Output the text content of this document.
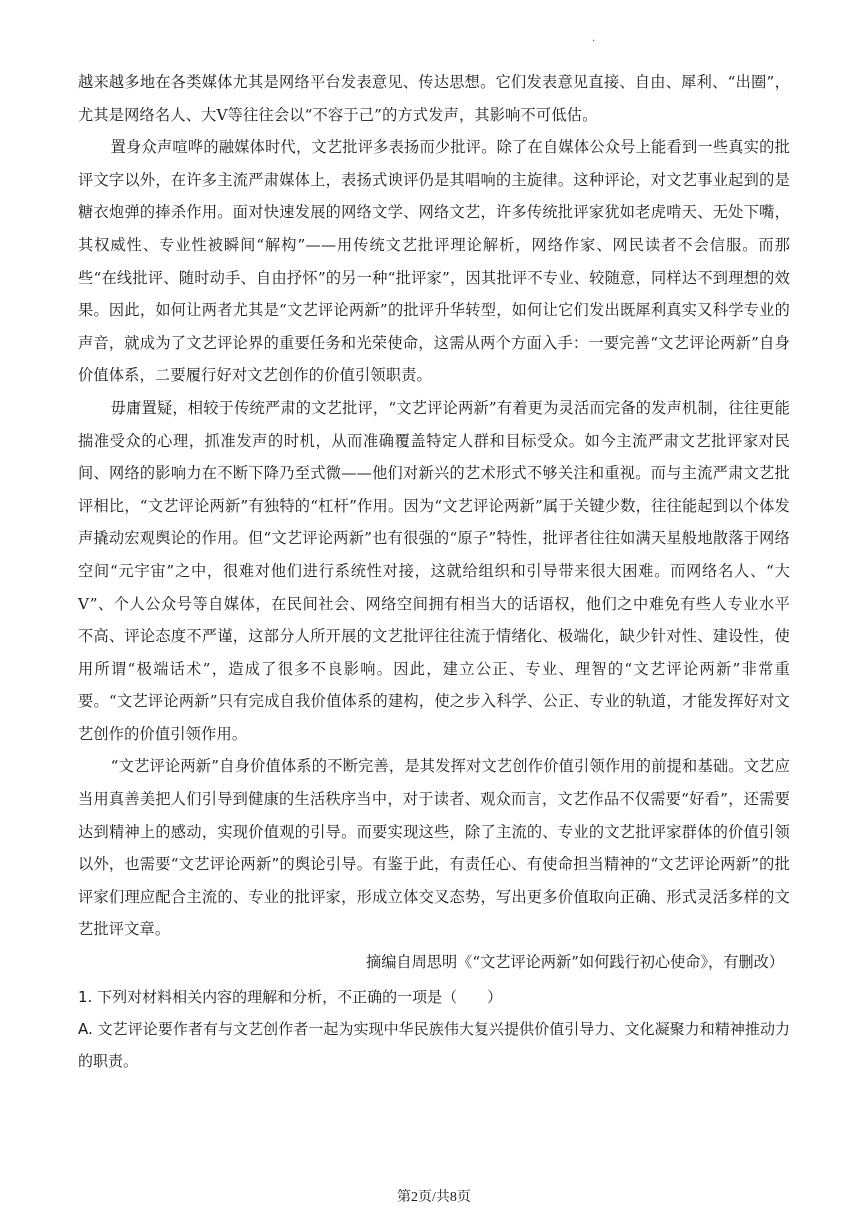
·

越来越多地在各类媒体尤其是网络平台发表意见、传达思想。它们发表意见直接、自由、犀利、“出圈”，尤其是网络名人、大V等往往会以“不容于己”的方式发声，其影响不可低估。

置身众声喧哗的融媒体时代，文艺批评多表扬而少批评。除了在自媒体公众号上能看到一些真实的批评文字以外，在许多主流严肃媒体上，表扬式谀评仍是其唱响的主旋律。这种评论，对文艺事业起到的是糖衣炮弹的捧杀作用。面对快速发展的网络文学、网络文艺，许多传统批评家犹如老虎啃天、无处下嘴，其权威性、专业性被瞬间“解构”——用传统文艺批评理论解析，网络作家、网民读者不会信服。而那些“在线批评、随时动手、自由抒怀”的另一种“批评家”，因其批评不专业、较随意，同样达不到理想的效果。因此，如何让两者尤其是“文艺评论两新”的批评升华转型，如何让它们发出既犀利真实又科学专业的声音，就成为了文艺评论界的重要任务和光荣使命，这需从两个方面入手：一要完善“文艺评论两新”自身价值体系，二要履行好对文艺创作的价值引领职责。

毋庸置疑，相较于传统严肃的文艺批评，“文艺评论两新”有着更为灵活而完备的发声机制，往往更能揣准受众的心理，抓准发声的时机，从而准确覆盖特定人群和目标受众。如今主流严肃文艺批评家对民间、网络的影响力在不断下降乃至式微——他们对新兴的艺术形式不够关注和重视。而与主流严肃文艺批评相比，“文艺评论两新”有独特的“杠杆”作用。因为“文艺评论两新”属于关键少数，往往能起到以个体发声撬动宏观舆论的作用。但“文艺评论两新”也有很强的“原子”特性，批评者往往如满天星般地散落于网络空间“元宇宙”之中，很难对他们进行系统性对接，这就给组织和引导带来很大困难。而网络名人、“大V”、个人公众号等自媒体，在民间社会、网络空间拥有相当大的话语权，他们之中难免有些人专业水平不高、评论态度不严谨，这部分人所开展的文艺批评往往流于情绪化、极端化，缺少针对性、建设性，使用所谓“极端话术”，造成了很多不良影响。因此，建立公正、专业、理智的“文艺评论两新”非常重要。“文艺评论两新”只有完成自我价值体系的建构，使之步入科学、公正、专业的轨道，才能发挥好对文艺创作的价值引领作用。

“文艺评论两新”自身价值体系的不断完善，是其发挥对文艺创作价值引领作用的前提和基础。文艺应当用真善美把人们引导到健康的生活秩序当中，对于读者、观众而言，文艺作品不仅需要“好看”，还需要达到精神上的感动，实现价值观的引导。而要实现这些，除了主流的、专业的文艺批评家群体的价值引领以外，也需要“文艺评论两新”的舆论引导。有鉴于此，有责任心、有使命担当精神的“文艺评论两新”的批评家们理应配合主流的、专业的批评家，形成立体交叉态势，写出更多价值取向正确、形式灵活多样的文艺批评文章。

摘编自周思明《“文艺评论两新”如何践行初心使命》，有删改）

1. 下列对材料相关内容的理解和分析，不正确的一项是（　　）

A. 文艺评论要作者有与文艺创作者一起为实现中华民族伟大复兴提供价值引导力、文化凝聚力和精神推动力的职责。

第2页/共8页
